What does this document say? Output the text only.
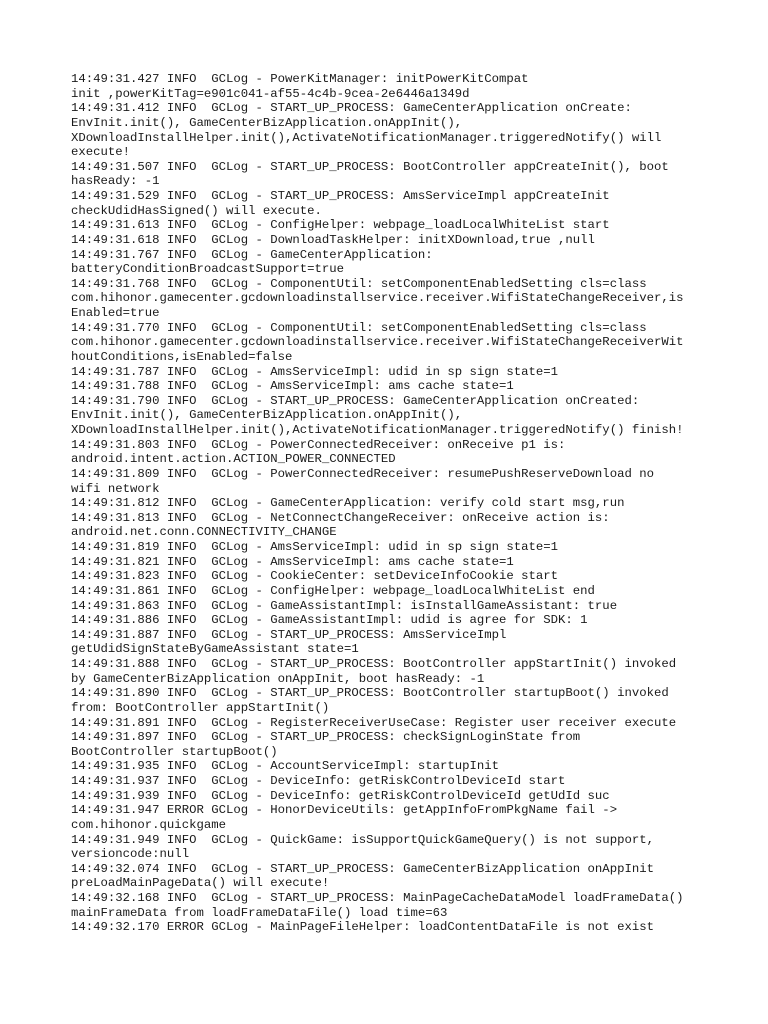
14:49:31.427 INFO  GCLog - PowerKitManager: initPowerKitCompat
init ,powerKitTag=e901c041-af55-4c4b-9cea-2e6446a1349d
14:49:31.412 INFO  GCLog - START_UP_PROCESS: GameCenterApplication onCreate:
EnvInit.init(), GameCenterBizApplication.onAppInit(),
XDownloadInstallHelper.init(),ActivateNotificationManager.triggeredNotify() will
execute!
14:49:31.507 INFO  GCLog - START_UP_PROCESS: BootController appCreateInit(), boot
hasReady: -1
14:49:31.529 INFO  GCLog - START_UP_PROCESS: AmsServiceImpl appCreateInit
checkUdidHasSigned() will execute.
14:49:31.613 INFO  GCLog - ConfigHelper: webpage_loadLocalWhiteList start
14:49:31.618 INFO  GCLog - DownloadTaskHelper: initXDownload,true ,null
14:49:31.767 INFO  GCLog - GameCenterApplication:
batteryConditionBroadcastSupport=true
14:49:31.768 INFO  GCLog - ComponentUtil: setComponentEnabledSetting cls=class
com.hihonor.gamecenter.gcdownloadinstallservice.receiver.WifiStateChangeReceiver,is
Enabled=true
14:49:31.770 INFO  GCLog - ComponentUtil: setComponentEnabledSetting cls=class
com.hihonor.gamecenter.gcdownloadinstallservice.receiver.WifiStateChangeReceiverWit
houtConditions,isEnabled=false
14:49:31.787 INFO  GCLog - AmsServiceImpl: udid in sp sign state=1
14:49:31.788 INFO  GCLog - AmsServiceImpl: ams cache state=1
14:49:31.790 INFO  GCLog - START_UP_PROCESS: GameCenterApplication onCreated:
EnvInit.init(), GameCenterBizApplication.onAppInit(),
XDownloadInstallHelper.init(),ActivateNotificationManager.triggeredNotify() finish!
14:49:31.803 INFO  GCLog - PowerConnectedReceiver: onReceive p1 is:
android.intent.action.ACTION_POWER_CONNECTED
14:49:31.809 INFO  GCLog - PowerConnectedReceiver: resumePushReserveDownload no
wifi network
14:49:31.812 INFO  GCLog - GameCenterApplication: verify cold start msg,run
14:49:31.813 INFO  GCLog - NetConnectChangeReceiver: onReceive action is:
android.net.conn.CONNECTIVITY_CHANGE
14:49:31.819 INFO  GCLog - AmsServiceImpl: udid in sp sign state=1
14:49:31.821 INFO  GCLog - AmsServiceImpl: ams cache state=1
14:49:31.823 INFO  GCLog - CookieCenter: setDeviceInfoCookie start
14:49:31.861 INFO  GCLog - ConfigHelper: webpage_loadLocalWhiteList end
14:49:31.863 INFO  GCLog - GameAssistantImpl: isInstallGameAssistant: true
14:49:31.886 INFO  GCLog - GameAssistantImpl: udid is agree for SDK: 1
14:49:31.887 INFO  GCLog - START_UP_PROCESS: AmsServiceImpl
getUdidSignStateByGameAssistant state=1
14:49:31.888 INFO  GCLog - START_UP_PROCESS: BootController appStartInit() invoked
by GameCenterBizApplication onAppInit, boot hasReady: -1
14:49:31.890 INFO  GCLog - START_UP_PROCESS: BootController startupBoot() invoked
from: BootController appStartInit()
14:49:31.891 INFO  GCLog - RegisterReceiverUseCase: Register user receiver execute
14:49:31.897 INFO  GCLog - START_UP_PROCESS: checkSignLoginState from
BootController startupBoot()
14:49:31.935 INFO  GCLog - AccountServiceImpl: startupInit
14:49:31.937 INFO  GCLog - DeviceInfo: getRiskControlDeviceId start
14:49:31.939 INFO  GCLog - DeviceInfo: getRiskControlDeviceId getUdId suc
14:49:31.947 ERROR GCLog - HonorDeviceUtils: getAppInfoFromPkgName fail ->
com.hihonor.quickgame
14:49:31.949 INFO  GCLog - QuickGame: isSupportQuickGameQuery() is not support,
versioncode:null
14:49:32.074 INFO  GCLog - START_UP_PROCESS: GameCenterBizApplication onAppInit
preLoadMainPageData() will execute!
14:49:32.168 INFO  GCLog - START_UP_PROCESS: MainPageCacheDataModel loadFrameData()
mainFrameData from loadFrameDataFile() load time=63
14:49:32.170 ERROR GCLog - MainPageFileHelper: loadContentDataFile is not exist
